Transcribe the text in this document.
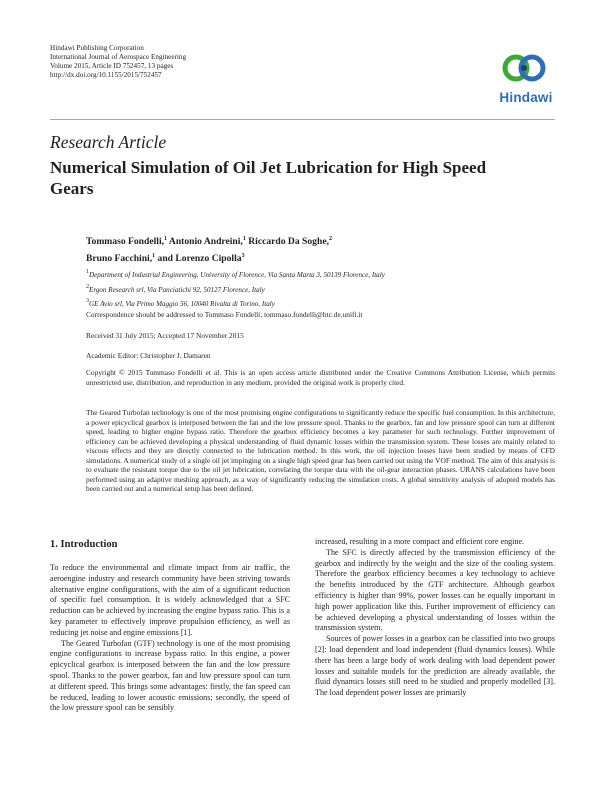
Hindawi Publishing Corporation
International Journal of Aerospace Engineering
Volume 2015, Article ID 752457, 13 pages
http://dx.doi.org/10.1155/2015/752457
Hindawi
Research Article
Numerical Simulation of Oil Jet Lubrication for High Speed Gears
Tommaso Fondelli,$^1$ Antonio Andreini,$^1$ Riccardo Da Soghe,$^2$
Bruno Facchini,$^1$ and Lorenzo Cipolla$^3$
$^1$Department of Industrial Engineering, University of Florence, Via Santa Marta 3, 50139 Florence, Italy
$^2$Ergon Research srl, Via Panciatichi 92, 50127 Florence, Italy
$^3$GE Avio srl, Via Primo Maggio 56, 10040 Rivalta di Torino, Italy
Correspondence should be addressed to Tommaso Fondelli; tommaso.fondelli@htc.de.unifi.it
Received 31 July 2015; Accepted 17 November 2015
Academic Editor: Christopher J. Damaren
Copyright © 2015 Tommaso Fondelli et al. This is an open access article distributed under the Creative Commons Attribution License, which permits unrestricted use, distribution, and reproduction in any medium, provided the original work is properly cited.
The Geared Turbofan technology is one of the most promising engine configurations to significantly reduce the specific fuel consumption. In this architecture, a power epicyclical gearbox is interposed between the fan and the low pressure spool. Thanks to the gearbox, fan and low pressure spool can turn at different speed, leading to higher engine bypass ratio. Therefore the gearbox efficiency becomes a key parameter for such technology. Further improvement of efficiency can be achieved developing a physical understanding of fluid dynamic losses within the transmission system. These losses are mainly related to viscous effects and they are directly connected to the lubrication method. In this work, the oil injection losses have been studied by means of CFD simulations. A numerical study of a single oil jet impinging on a single high speed gear has been carried out using the VOF method. The aim of this analysis is to evaluate the resistant torque due to the oil jet lubrication, correlating the torque data with the oil-gear interaction phases. URANS calculations have been performed using an adaptive meshing approach, as a way of significantly reducing the simulation costs. A global sensitivity analysis of adopted models has been carried out and a numerical setup has been defined.
1. Introduction

To reduce the environmental and climate impact from air traffic, the aeroengine industry and research community have been striving towards alternative engine configurations, with the aim of a significant reduction of specific fuel consumption. It is widely acknowledged that a SFC reduction can be achieved by increasing the engine bypass ratio. This is a key parameter to effectively improve propulsion efficiency, as well as reducing jet noise and engine emissions [1].

The Geared Turbofan (GTF) technology is one of the most promising engine configurations to increase bypass ratio. In this engine, a power epicyclical gearbox is interposed between the fan and the low pressure spool. Thanks to the power gearbox, fan and low pressure spool can turn at different speed. This brings some advantages: firstly, the fan speed can be reduced, leading to lower acoustic emissions; secondly, the speed of the low pressure spool can be sensibly

increased, resulting in a more compact and efficient core engine.

The SFC is directly affected by the transmission efficiency of the gearbox and indirectly by the weight and the size of the cooling system. Therefore the gearbox efficiency becomes a key technology to achieve the benefits introduced by the GTF architecture. Although gearbox efficiency is higher than 99%, power losses can be equally important in high power application like this. Further improvement of efficiency can be achieved developing a physical understanding of losses within the transmission system.

Sources of power losses in a gearbox can be classified into two groups [2]: load dependent and load independent (fluid dynamics losses). While there has been a large body of work dealing with load dependent power losses and suitable models for the prediction are already available, the fluid dynamics losses still need to be studied and properly modelled [3]. The load dependent power losses are primarily
